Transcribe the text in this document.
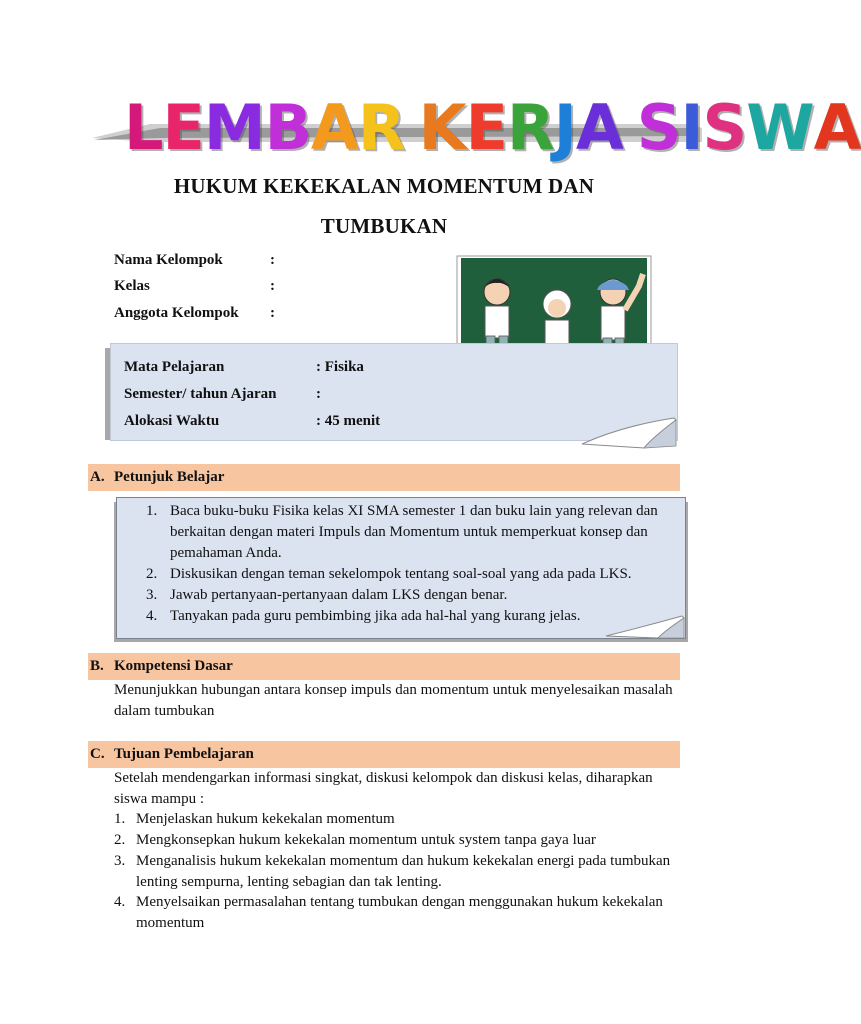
LEMBAR KERJA SISWA
HUKUM KEKEKALAN MOMENTUM DAN
TUMBUKAN
Nama Kelompok	:
Kelas	:
Anggota Kelompok :
Mata Pelajaran	: Fisika
Semester/ tahun Ajaran	:
Alokasi Waktu	: 45 menit
A. Petunjuk Belajar
1. Baca buku-buku Fisika kelas XI SMA semester 1 dan buku lain yang relevan dan
berkaitan dengan materi Impuls dan Momentum untuk memperkuat konsep dan
pemahaman Anda.
2. Diskusikan dengan teman sekelompok tentang soal-soal yang ada pada LKS.
3. Jawab pertanyaan-pertanyaan dalam LKS dengan benar.
4. Tanyakan pada guru pembimbing jika ada hal-hal yang kurang jelas.
B. Kompetensi Dasar
Menunjukkan hubungan antara konsep impuls dan momentum untuk menyelesaikan masalah
dalam tumbukan
C. Tujuan Pembelajaran
Setelah mendengarkan informasi singkat, diskusi kelompok dan diskusi kelas, diharapkan
siswa mampu :
1. Menjelaskan hukum kekekalan momentum
2. Mengkonsepkan hukum kekekalan momentum untuk system tanpa gaya luar
3. Menganalisis hukum kekekalan momentum dan hukum kekekalan energi pada tumbukan
lenting sempurna, lenting sebagian dan tak lenting.
4. Menyelsaikan permasalahan tentang tumbukan dengan menggunakan hukum kekekalan
momentum
